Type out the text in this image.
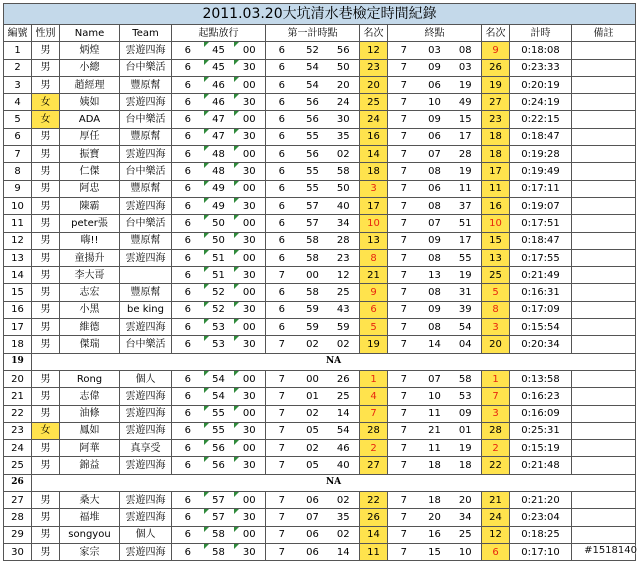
2011.03.20大坑清水巷檢定時間紀錄																
編號	性別	Name	Team	起點放行			第一計時點			名次	終點			名次	計時	備註
1	男	炳煌	雲遊四海	6	45	00	6	52	56	12	7	03	08	9	0:18:08	
2	男	小總	台中樂活	6	45	30	6	54	50	23	7	09	03	26	0:23:33	
3	男	趙經理	豐原幫	6	46	00	6	54	20	20	7	06	19	19	0:20:19	
4	女	姨如	雲遊四海	6	46	30	6	56	24	25	7	10	49	27	0:24:19	
5	女	ADA	台中樂活	6	47	00	6	56	30	24	7	09	15	23	0:22:15	
6	男	厚任	豐原幫	6	47	30	6	55	35	16	7	06	17	18	0:18:47	
7	男	振寶	雲遊四海	6	48	00	6	56	02	14	7	07	28	18	0:19:28	
8	男	仁傑	台中樂活	6	48	30	6	55	58	18	7	08	19	17	0:19:49	
9	男	阿忠	豐原幫	6	49	00	6	55	50	3	7	06	11	11	0:17:11	
10	男	陳霸	雲遊四海	6	49	30	6	57	40	17	7	08	37	16	0:19:07	
11	男	peter張	台中樂活	6	50	00	6	57	34	10	7	07	51	10	0:17:51	
12	男	嗨!!	豐原幫	6	50	30	6	58	28	13	7	09	17	15	0:18:47	
13	男	童揚升	雲遊四海	6	51	00	6	58	23	8	7	08	55	13	0:17:55	
14	男	李大哥		6	51	30	7	00	12	21	7	13	19	25	0:21:49	
15	男	志宏	豐原幫	6	52	00	6	58	25	9	7	08	31	5	0:16:31	
16	男	小黑	be king	6	52	30	6	59	43	6	7	09	39	8	0:17:09	
17	男	維德	雲遊四海	6	53	00	6	59	59	5	7	08	54	3	0:15:54	
18	男	傑瑞	台中樂活	6	53	30	7	02	02	19	7	14	04	20	0:20:34	
19	NA															
20	男	Rong	個人	6	54	00	7	00	26	1	7	07	58	1	0:13:58	
21	男	志偉	雲遊四海	6	54	30	7	01	25	4	7	10	53	7	0:16:23	
22	男	油條	雲遊四海	6	55	00	7	02	14	7	7	11	09	3	0:16:09	
23	女	鳳如	雲遊四海	6	55	30	7	05	54	28	7	21	01	28	0:25:31	
24	男	阿華	真享受	6	56	00	7	02	46	2	7	11	19	2	0:15:19	
25	男	錦益	雲遊四海	6	56	30	7	05	40	27	7	18	18	22	0:21:48	
26	NA															
27	男	桑大	雲遊四海	6	57	00	7	06	02	22	7	18	20	21	0:21:20	
28	男	福堆	雲遊四海	6	57	30	7	07	35	26	7	20	34	24	0:23:04	
29	男	songyou	個人	6	58	00	7	06	02	14	7	16	25	12	0:18:25	
30	男	家宗	雲遊四海	6	58	30	7	06	14	11	7	15	10	6	0:17:10	#1518140
